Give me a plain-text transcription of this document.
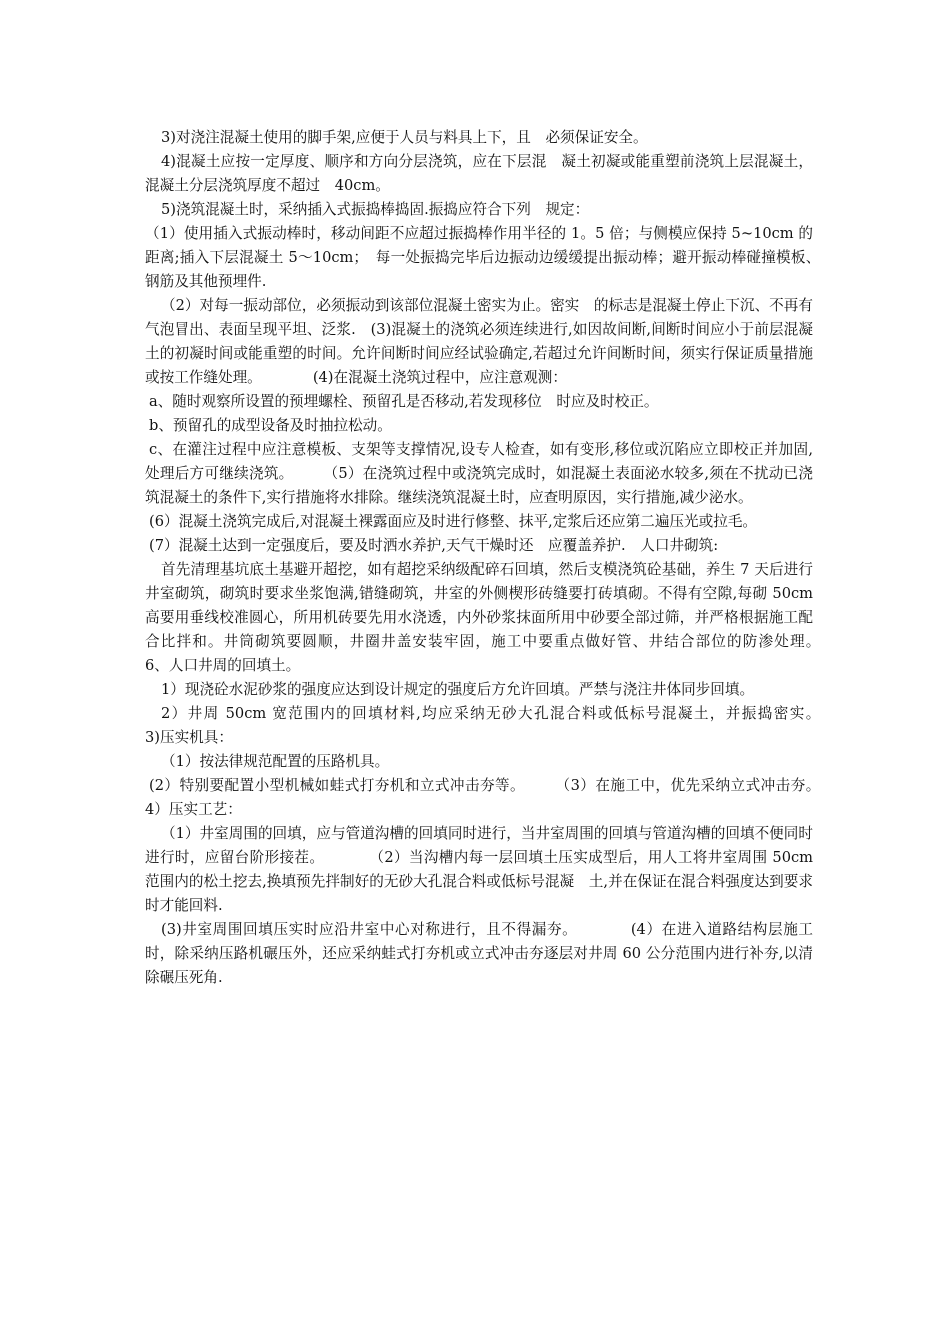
3)对浇注混凝土使用的脚手架,应便于人员与料具上下，且　必须保证安全。

4)混凝土应按一定厚度、顺序和方向分层浇筑，应在下层混　凝土初凝或能重塑前浇筑上层混凝土，混凝土分层浇筑厚度不超过　40cm。

5)浇筑混凝土时，采纳插入式振捣棒捣固.振捣应符合下列　规定：

（1）使用插入式振动棒时，移动间距不应超过振捣棒作用半径的 1。5 倍；与侧模应保持 5~10cm 的距离;插入下层混凝土 5～10cm；　每一处振捣完毕后边振动边缓缓提出振动棒；避开振动棒碰撞模板、　钢筋及其他预埋件.

（2）对每一振动部位，必须振动到该部位混凝土密实为止。密实　的标志是混凝土停止下沉、不再有气泡冒出、表面呈现平坦、泛浆.　(3)混凝土的浇筑必须连续进行,如因故间断,间断时间应小于前层混凝土的初凝时间或能重塑的时间。允许间断时间应经试验确定,若超过允许间断时间，须实行保证质量措施或按工作缝处理。　　　　(4)在混凝土浇筑过程中，应注意观测：

a、随时观察所设置的预埋螺栓、预留孔是否移动,若发现移位　时应及时校正。

b、预留孔的成型设备及时抽拉松动。

c、在灌注过程中应注意模板、支架等支撑情况,设专人检查，如有变形,移位或沉陷应立即校正并加固,处理后方可继续浇筑。　　　（5）在浇筑过程中或浇筑完成时，如混凝土表面泌水较多,须在不扰动已浇筑混凝土的条件下,实行措施将水排除。继续浇筑混凝土时，应查明原因，实行措施,减少泌水。

(6）混凝土浇筑完成后,对混凝土裸露面应及时进行修整、抹平,定浆后还应第二遍压光或拉毛。

(7）混凝土达到一定强度后，要及时洒水养护,天气干燥时还　应覆盖养护.　人口井砌筑:

首先清理基坑底土基避开超挖，如有超挖采纳级配碎石回填，然后支模浇筑砼基础，养生 7 天后进行井室砌筑，砌筑时要求坐浆饱满,错缝砌筑，井室的外侧楔形砖缝要打砖填砌。不得有空隙,每砌 50cm 高要用垂线校准圆心，所用机砖要先用水浇透，内外砂浆抹面所用中砂要全部过筛，并严格根据施工配合比拌和。井筒砌筑要圆顺，井圈井盖安装牢固，施工中要重点做好管、井结合部位的防渗处理。　　6、人口井周的回填土。

1）现浇砼水泥砂浆的强度应达到设计规定的强度后方允许回填。严禁与浇注井体同步回填。

2）井周 50cm 宽范围内的回填材料,均应采纳无砂大孔混合料或低标号混凝土，并振捣密实。　　　3)压实机具：

（1）按法律规范配置的压路机具。

(2）特别要配置小型机械如蛙式打夯机和立式冲击夯等。　　　（3）在施工中，优先采纳立式冲击夯。　　　4）压实工艺：

（1）井室周围的回填，应与管道沟槽的回填同时进行，当井室周围的回填与管道沟槽的回填不便同时进行时，应留台阶形接茬。　　　　（2）当沟槽内每一层回填土压实成型后，用人工将井室周围 50cm 范围内的松土挖去,换填预先拌制好的无砂大孔混合料或低标号混凝　土,并在保证在混合料强度达到要求时才能回料.

(3)井室周围回填压实时应沿井室中心对称进行，且不得漏夯。　　　　(4）在进入道路结构层施工时，除采纳压路机碾压外，还应采纳蛙式打夯机或立式冲击夯逐层对井周 60 公分范围内进行补夯,以清除碾压死角.
